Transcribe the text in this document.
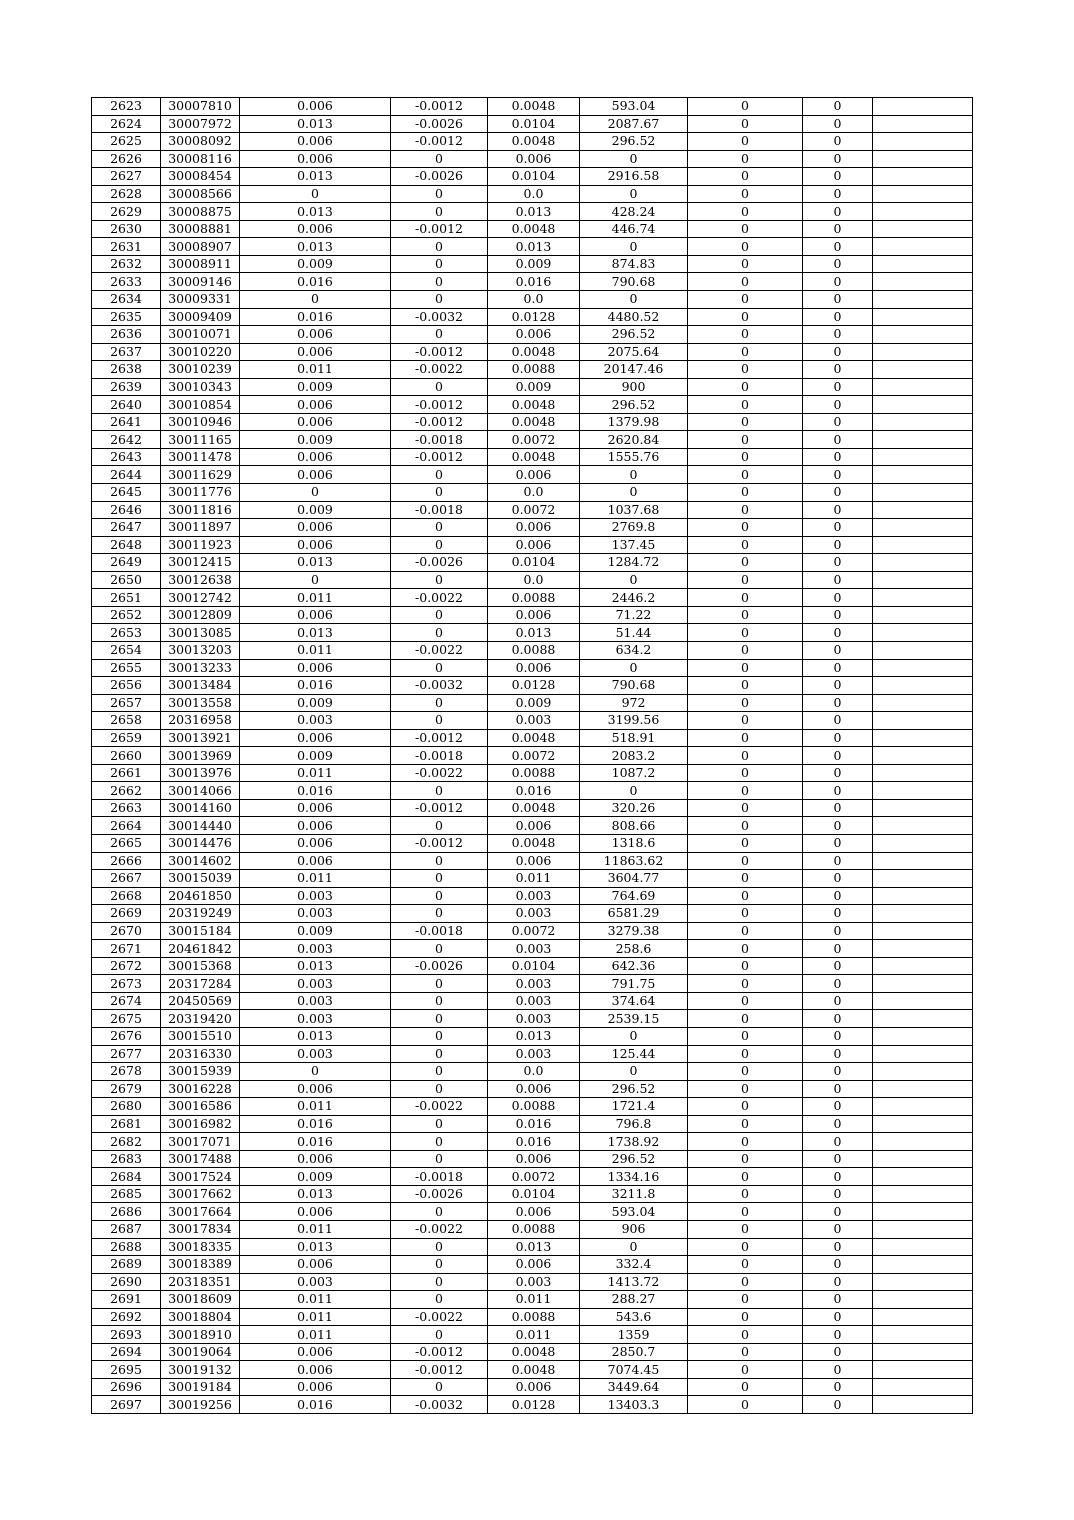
2623	30007810	0.006	-0.0012	0.0048	593.04	0	0	
2624	30007972	0.013	-0.0026	0.0104	2087.67	0	0	
2625	30008092	0.006	-0.0012	0.0048	296.52	0	0	
2626	30008116	0.006	0	0.006	0	0	0	
2627	30008454	0.013	-0.0026	0.0104	2916.58	0	0	
2628	30008566	0	0	0.0	0	0	0	
2629	30008875	0.013	0	0.013	428.24	0	0	
2630	30008881	0.006	-0.0012	0.0048	446.74	0	0	
2631	30008907	0.013	0	0.013	0	0	0	
2632	30008911	0.009	0	0.009	874.83	0	0	
2633	30009146	0.016	0	0.016	790.68	0	0	
2634	30009331	0	0	0.0	0	0	0	
2635	30009409	0.016	-0.0032	0.0128	4480.52	0	0	
2636	30010071	0.006	0	0.006	296.52	0	0	
2637	30010220	0.006	-0.0012	0.0048	2075.64	0	0	
2638	30010239	0.011	-0.0022	0.0088	20147.46	0	0	
2639	30010343	0.009	0	0.009	900	0	0	
2640	30010854	0.006	-0.0012	0.0048	296.52	0	0	
2641	30010946	0.006	-0.0012	0.0048	1379.98	0	0	
2642	30011165	0.009	-0.0018	0.0072	2620.84	0	0	
2643	30011478	0.006	-0.0012	0.0048	1555.76	0	0	
2644	30011629	0.006	0	0.006	0	0	0	
2645	30011776	0	0	0.0	0	0	0	
2646	30011816	0.009	-0.0018	0.0072	1037.68	0	0	
2647	30011897	0.006	0	0.006	2769.8	0	0	
2648	30011923	0.006	0	0.006	137.45	0	0	
2649	30012415	0.013	-0.0026	0.0104	1284.72	0	0	
2650	30012638	0	0	0.0	0	0	0	
2651	30012742	0.011	-0.0022	0.0088	2446.2	0	0	
2652	30012809	0.006	0	0.006	71.22	0	0	
2653	30013085	0.013	0	0.013	51.44	0	0	
2654	30013203	0.011	-0.0022	0.0088	634.2	0	0	
2655	30013233	0.006	0	0.006	0	0	0	
2656	30013484	0.016	-0.0032	0.0128	790.68	0	0	
2657	30013558	0.009	0	0.009	972	0	0	
2658	20316958	0.003	0	0.003	3199.56	0	0	
2659	30013921	0.006	-0.0012	0.0048	518.91	0	0	
2660	30013969	0.009	-0.0018	0.0072	2083.2	0	0	
2661	30013976	0.011	-0.0022	0.0088	1087.2	0	0	
2662	30014066	0.016	0	0.016	0	0	0	
2663	30014160	0.006	-0.0012	0.0048	320.26	0	0	
2664	30014440	0.006	0	0.006	808.66	0	0	
2665	30014476	0.006	-0.0012	0.0048	1318.6	0	0	
2666	30014602	0.006	0	0.006	11863.62	0	0	
2667	30015039	0.011	0	0.011	3604.77	0	0	
2668	20461850	0.003	0	0.003	764.69	0	0	
2669	20319249	0.003	0	0.003	6581.29	0	0	
2670	30015184	0.009	-0.0018	0.0072	3279.38	0	0	
2671	20461842	0.003	0	0.003	258.6	0	0	
2672	30015368	0.013	-0.0026	0.0104	642.36	0	0	
2673	20317284	0.003	0	0.003	791.75	0	0	
2674	20450569	0.003	0	0.003	374.64	0	0	
2675	20319420	0.003	0	0.003	2539.15	0	0	
2676	30015510	0.013	0	0.013	0	0	0	
2677	20316330	0.003	0	0.003	125.44	0	0	
2678	30015939	0	0	0.0	0	0	0	
2679	30016228	0.006	0	0.006	296.52	0	0	
2680	30016586	0.011	-0.0022	0.0088	1721.4	0	0	
2681	30016982	0.016	0	0.016	796.8	0	0	
2682	30017071	0.016	0	0.016	1738.92	0	0	
2683	30017488	0.006	0	0.006	296.52	0	0	
2684	30017524	0.009	-0.0018	0.0072	1334.16	0	0	
2685	30017662	0.013	-0.0026	0.0104	3211.8	0	0	
2686	30017664	0.006	0	0.006	593.04	0	0	
2687	30017834	0.011	-0.0022	0.0088	906	0	0	
2688	30018335	0.013	0	0.013	0	0	0	
2689	30018389	0.006	0	0.006	332.4	0	0	
2690	20318351	0.003	0	0.003	1413.72	0	0	
2691	30018609	0.011	0	0.011	288.27	0	0	
2692	30018804	0.011	-0.0022	0.0088	543.6	0	0	
2693	30018910	0.011	0	0.011	1359	0	0	
2694	30019064	0.006	-0.0012	0.0048	2850.7	0	0	
2695	30019132	0.006	-0.0012	0.0048	7074.45	0	0	
2696	30019184	0.006	0	0.006	3449.64	0	0	
2697	30019256	0.016	-0.0032	0.0128	13403.3	0	0	
